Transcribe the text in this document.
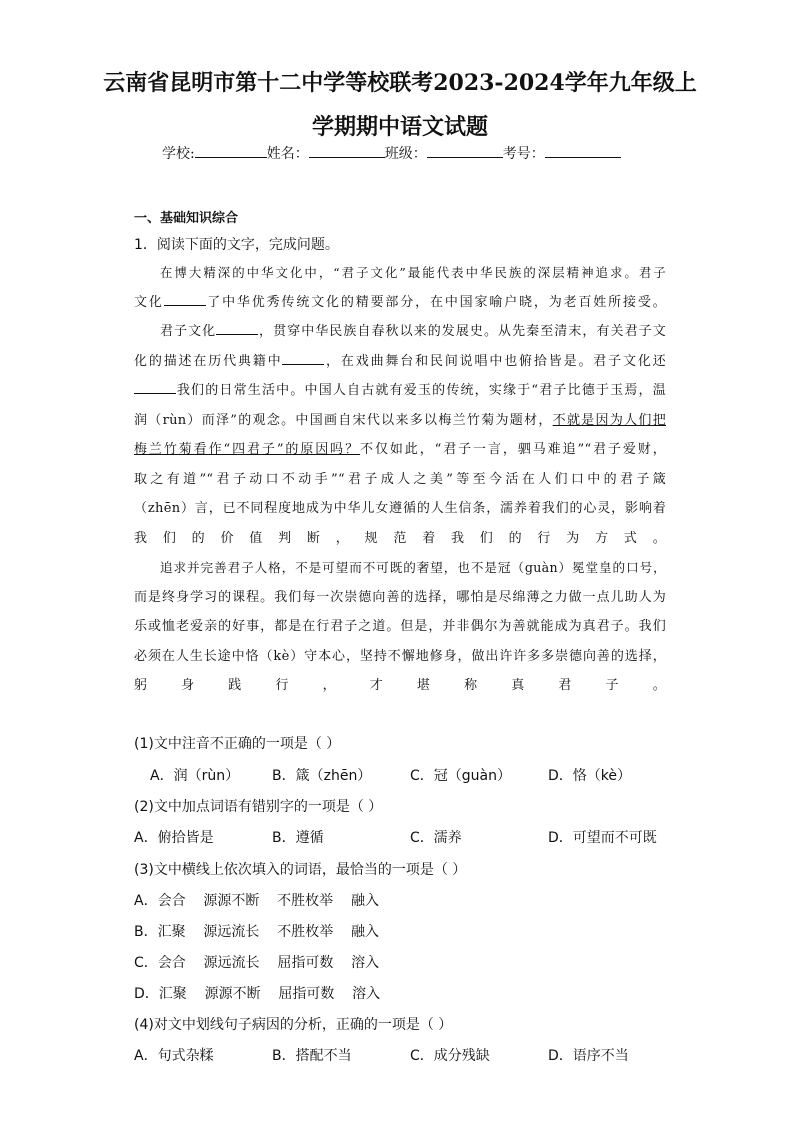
云南省昆明市第十二中学等校联考2023-2024学年九年级上
学期期中语文试题
学校:	姓名：	班级：	考号：
一、基础知识综合
1．阅读下面的文字，完成问题。
在博大精深的中华文化中，“君子文化”最能代表中华民族的深层精神追求。君子
文化	了中华优秀传统文化的精要部分，在中国家喻户晓，为老百姓所接受。
君子文化	，贯穿中华民族自春秋以来的发展史。从先秦至清末，有关君子文
化的描述在历代典籍中	，在戏曲舞台和民间说唱中也俯拾皆是。君子文化还
我们的日常生活中。中国人自古就有爱玉的传统，实缘于“君子比德于玉焉，温
润（rùn）而泽”的观念。中国画自宋代以来多以梅兰竹菊为题材，不就是因为人们把
梅兰竹菊看作“四君子”的原因吗？不仅如此，“君子一言，驷马难追”“君子爱财，
取之有道”“君子动口不动手”“君子成人之美”等至今活在人们口中的君子箴
（zhēn）言，已不同程度地成为中华儿女遵循的人生信条，濡养着我们的心灵，影响着
我们的价值判断，规范着我们的行为方式。
追求并完善君子人格，不是可望而不可既的奢望，也不是冠（guàn）冕堂皇的口号，
而是终身学习的课程。我们每一次崇德向善的选择，哪怕是尽绵薄之力做一点儿助人为
乐或恤老爱亲的好事，都是在行君子之道。但是，并非偶尔为善就能成为真君子。我们
必须在人生长途中恪（kè）守本心，坚持不懈地修身，做出许许多多崇德向善的选择，
躬身践行，才堪称真君子。
(1)文中注音不正确的一项是（ ）
A．润（rùn） B．箴（zhēn）	C．冠（guàn）	D．恪（kè）
(2)文中加点词语有错别字的一项是（ ）
A．俯拾皆是	B．遵循	C．濡养	D．可望而不可既
(3)文中横线上依次填入的词语，最恰当的一项是（ ）
A．会合    源源不断    不胜枚举    融入
B．汇聚    源远流长    不胜枚举    融入
C．会合    源远流长    屈指可数    溶入
D．汇聚    源源不断    屈指可数    溶入
(4)对文中划线句子病因的分析，正确的一项是（ ）
A．句式杂糅	B．搭配不当	C．成分残缺	D．语序不当
